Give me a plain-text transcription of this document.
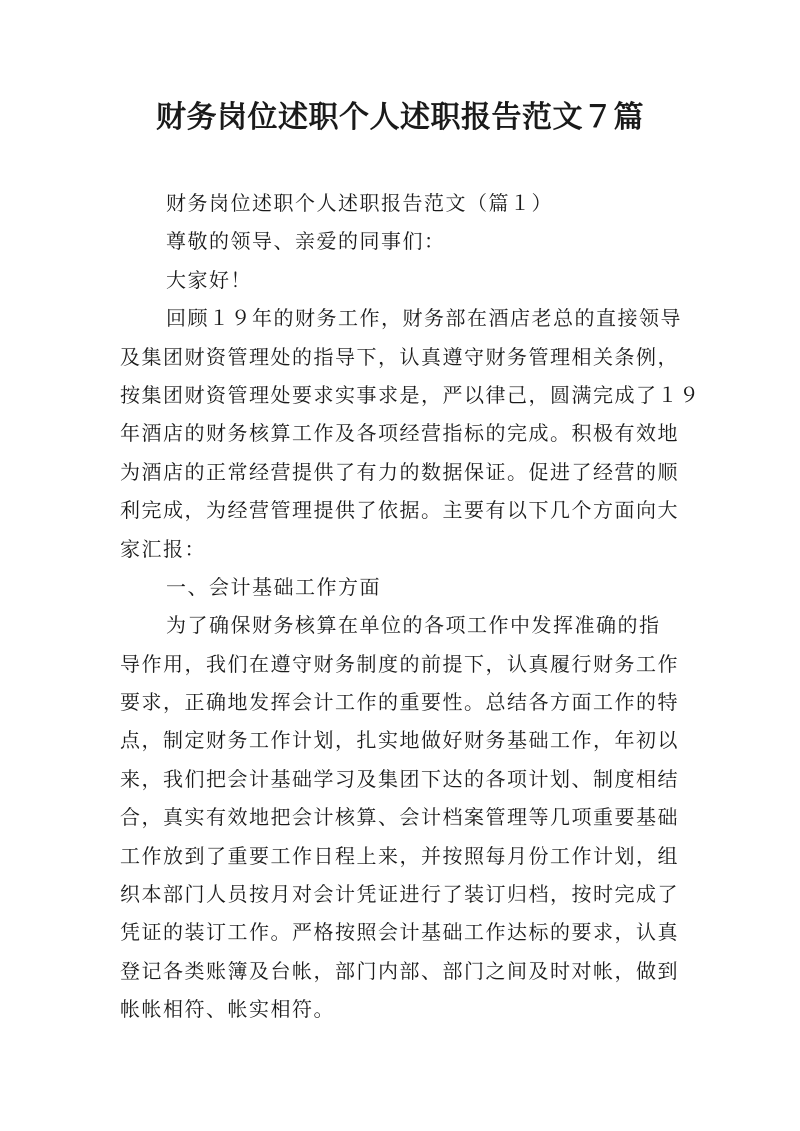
财务岗位述职个人述职报告范文７篇
财务岗位述职个人述职报告范文（篇１）
尊敬的领导、亲爱的同事们：
大家好！
回顾１９年的财务工作，财务部在酒店老总的直接领导
及集团财资管理处的指导下，认真遵守财务管理相关条例，
按集团财资管理处要求实事求是，严以律己，圆满完成了１９
年酒店的财务核算工作及各项经营指标的完成。积极有效地
为酒店的正常经营提供了有力的数据保证。促进了经营的顺
利完成，为经营管理提供了依据。主要有以下几个方面向大
家汇报：
一、会计基础工作方面
为了确保财务核算在单位的各项工作中发挥准确的指
导作用，我们在遵守财务制度的前提下，认真履行财务工作
要求，正确地发挥会计工作的重要性。总结各方面工作的特
点，制定财务工作计划，扎实地做好财务基础工作，年初以
来，我们把会计基础学习及集团下达的各项计划、制度相结
合，真实有效地把会计核算、会计档案管理等几项重要基础
工作放到了重要工作日程上来，并按照每月份工作计划，组
织本部门人员按月对会计凭证进行了装订归档，按时完成了
凭证的装订工作。严格按照会计基础工作达标的要求，认真
登记各类账簿及台帐，部门内部、部门之间及时对帐，做到
帐帐相符、帐实相符。
